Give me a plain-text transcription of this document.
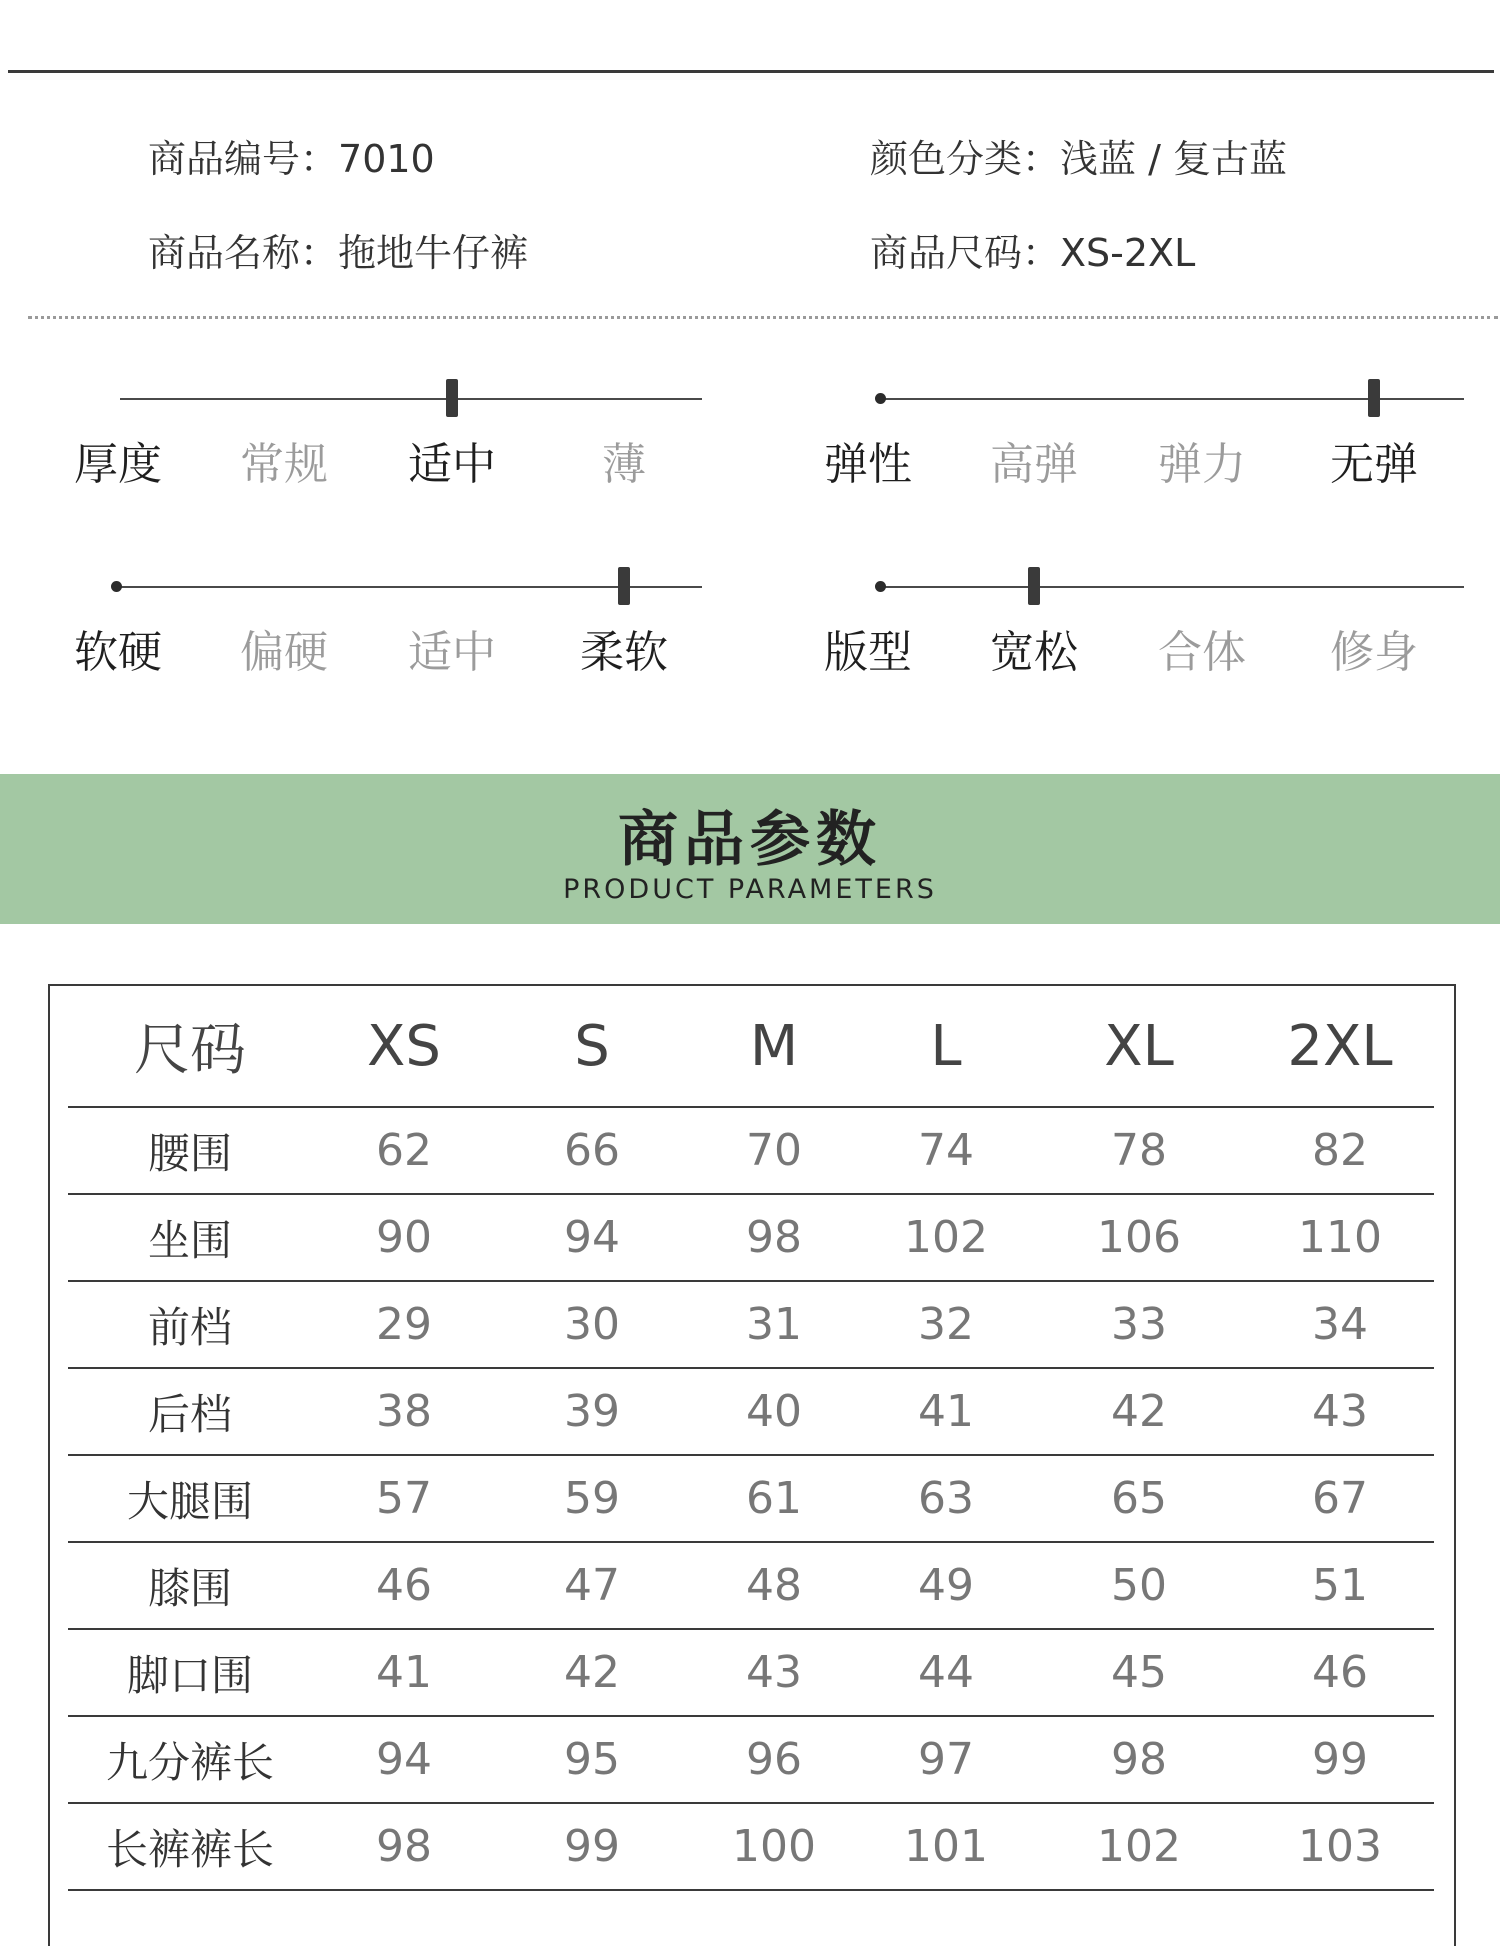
商品编号：7010	颜色分类：浅蓝 / 复古蓝
商品名称：拖地牛仔裤	商品尺码：XS-2XL
厚度	常规	适中	薄	弹性	高弹	弹力	无弹
软硬	偏硬	适中	柔软	版型	宽松	合体	修身
商品参数
PRODUCT PARAMETERS
尺码	XS	S	M	L	XL	2XL
腰围	62	66	70	74	78	82
坐围	90	94	98	102	106	110
前档	29	30	31	32	33	34
后档	38	39	40	41	42	43
大腿围	57	59	61	63	65	67
膝围	46	47	48	49	50	51
脚口围	41	42	43	44	45	46
九分裤长	94	95	96	97	98	99
长裤裤长	98	99	100	101	102	103
